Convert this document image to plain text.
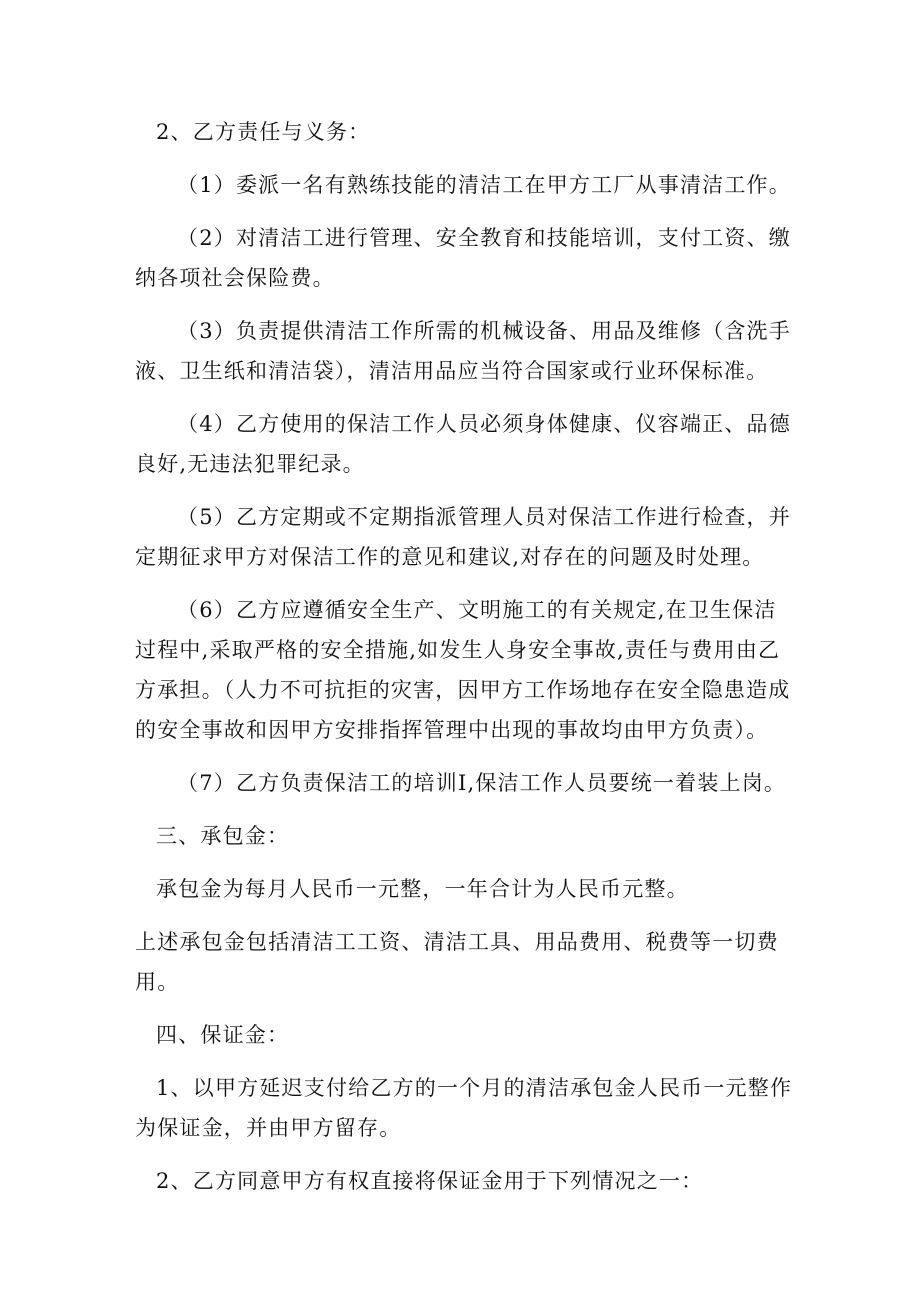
2、乙方责任与义务：

（1）委派一名有熟练技能的清洁工在甲方工厂从事清洁工作。

（2）对清洁工进行管理、安全教育和技能培训，支付工资、缴纳各项社会保险费。

（3）负责提供清洁工作所需的机械设备、用品及维修（含洗手液、卫生纸和清洁袋），清洁用品应当符合国家或行业环保标准。

（4）乙方使用的保洁工作人员必须身体健康、仪容端正、品德良好,无违法犯罪纪录。

（5）乙方定期或不定期指派管理人员对保洁工作进行检查，并定期征求甲方对保洁工作的意见和建议,对存在的问题及时处理。

（6）乙方应遵循安全生产、文明施工的有关规定,在卫生保洁过程中,采取严格的安全措施,如发生人身安全事故,责任与费用由乙方承担。（人力不可抗拒的灾害，因甲方工作场地存在安全隐患造成的安全事故和因甲方安排指挥管理中出现的事故均由甲方负责）。

（7）乙方负责保洁工的培训I,保洁工作人员要统一着装上岗。

三、承包金：

承包金为每月人民币一元整，一年合计为人民币元整。

上述承包金包括清洁工工资、清洁工具、用品费用、税费等一切费用。

四、保证金：

1、以甲方延迟支付给乙方的一个月的清洁承包金人民币一元整作为保证金，并由甲方留存。

2、乙方同意甲方有权直接将保证金用于下列情况之一：
